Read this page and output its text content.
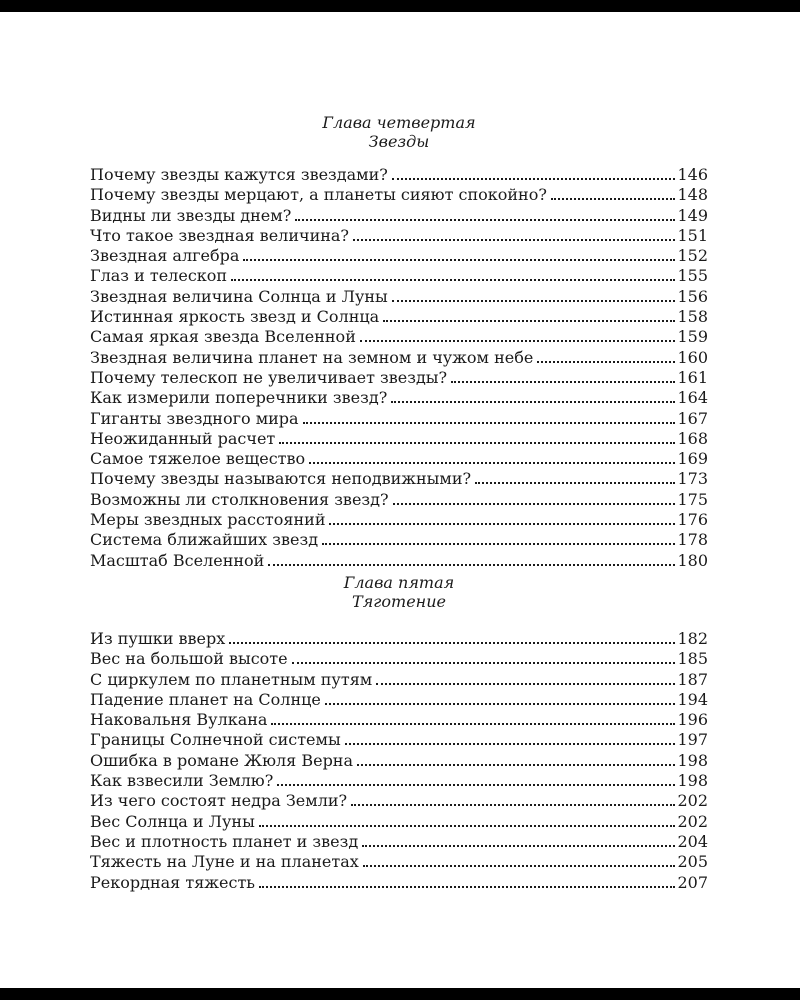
Глава четвертая
Звезды
Почему звезды кажутся звездами?	146
Почему звезды мерцают, а планеты сияют спокойно?	148
Видны ли звезды днем?	149
Что такое звездная величина?	151
Звездная алгебра	152
Глаз и телескоп	155
Звездная величина Солнца и Луны	156
Истинная яркость звезд и Солнца	158
Самая яркая звезда Вселенной	159
Звездная величина планет на земном и чужом небе	160
Почему телескоп не увеличивает звезды?	161
Как измерили поперечники звезд?	164
Гиганты звездного мира	167
Неожиданный расчет	168
Самое тяжелое вещество	169
Почему звезды называются неподвижными?	173
Возможны ли столкновения звезд?	175
Меры звездных расстояний	176
Система ближайших звезд	178
Масштаб Вселенной	180
Глава пятая
Тяготение
Из пушки вверх	182
Вес на большой высоте	185
С циркулем по планетным путям	187
Падение планет на Солнце	194
Наковальня Вулкана	196
Границы Солнечной системы	197
Ошибка в романе Жюля Верна	198
Как взвесили Землю?	198
Из чего состоят недра Земли?	202
Вес Солнца и Луны	202
Вес и плотность планет и звезд	204
Тяжесть на Луне и на планетах	205
Рекордная тяжесть	207
